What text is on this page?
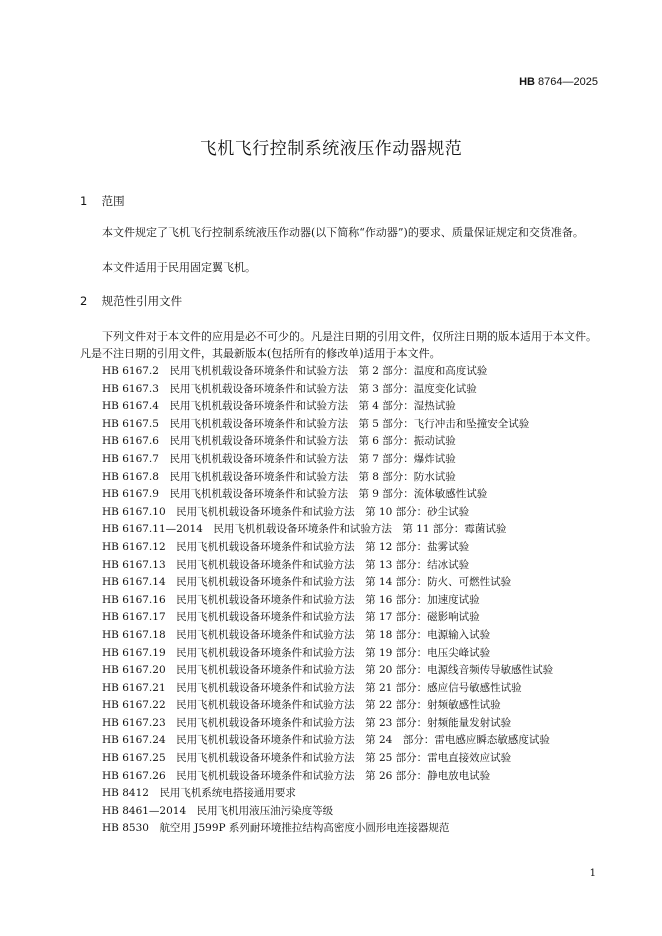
HB 8764—2025
飞机飞行控制系统液压作动器规范
1 范围
本文件规定了飞机飞行控制系统液压作动器(以下简称“作动器”)的要求、质量保证规定和交货准备。
本文件适用于民用固定翼飞机。
2 规范性引用文件
下列文件对于本文件的应用是必不可少的。凡是注日期的引用文件，仅所注日期的版本适用于本文件。凡是不注日期的引用文件，其最新版本(包括所有的修改单)适用于本文件。
HB 6167.2　 民用飞机机载设备环境条件和试验方法　第 2 部分：温度和高度试验
HB 6167.3　 民用飞机机载设备环境条件和试验方法　第 3 部分：温度变化试验
HB 6167.4　 民用飞机机载设备环境条件和试验方法　第 4 部分：湿热试验
HB 6167.5　 民用飞机机载设备环境条件和试验方法　第 5 部分：飞行冲击和坠撞安全试验
HB 6167.6　 民用飞机机载设备环境条件和试验方法　第 6 部分：振动试验
HB 6167.7　 民用飞机机载设备环境条件和试验方法　第 7 部分：爆炸试验
HB 6167.8　 民用飞机机载设备环境条件和试验方法　第 8 部分：防水试验
HB 6167.9　 民用飞机机载设备环境条件和试验方法　第 9 部分：流体敏感性试验
HB 6167.10　 民用飞机机载设备环境条件和试验方法　第 10 部分：砂尘试验
HB 6167.11—2014　 民用飞机机载设备环境条件和试验方法　第 11 部分：霉菌试验
HB 6167.12　 民用飞机机载设备环境条件和试验方法　第 12 部分：盐雾试验
HB 6167.13　 民用飞机机载设备环境条件和试验方法　第 13 部分：结冰试验
HB 6167.14　 民用飞机机载设备环境条件和试验方法　第 14 部分：防火、可燃性试验
HB 6167.16　 民用飞机机载设备环境条件和试验方法　第 16 部分：加速度试验
HB 6167.17　 民用飞机机载设备环境条件和试验方法　第 17 部分：磁影响试验
HB 6167.18　 民用飞机机载设备环境条件和试验方法　第 18 部分：电源输入试验
HB 6167.19　 民用飞机机载设备环境条件和试验方法　第 19 部分：电压尖峰试验
HB 6167.20　 民用飞机机载设备环境条件和试验方法　第 20 部分：电源线音频传导敏感性试验
HB 6167.21　 民用飞机机载设备环境条件和试验方法　第 21 部分：感应信号敏感性试验
HB 6167.22　 民用飞机机载设备环境条件和试验方法　第 22 部分：射频敏感性试验
HB 6167.23　 民用飞机机载设备环境条件和试验方法　第 23 部分：射频能量发射试验
HB 6167.24　 民用飞机机载设备环境条件和试验方法　第 24　部分：雷电感应瞬态敏感度试验
HB 6167.25　 民用飞机机载设备环境条件和试验方法　第 25 部分：雷电直接效应试验
HB 6167.26　 民用飞机机载设备环境条件和试验方法　第 26 部分：静电放电试验
HB 8412　 民用飞机系统电搭接通用要求
HB 8461—2014　 民用飞机用液压油污染度等级
HB 8530　 航空用 J599P 系列耐环境推拉结构高密度小圆形电连接器规范
1
